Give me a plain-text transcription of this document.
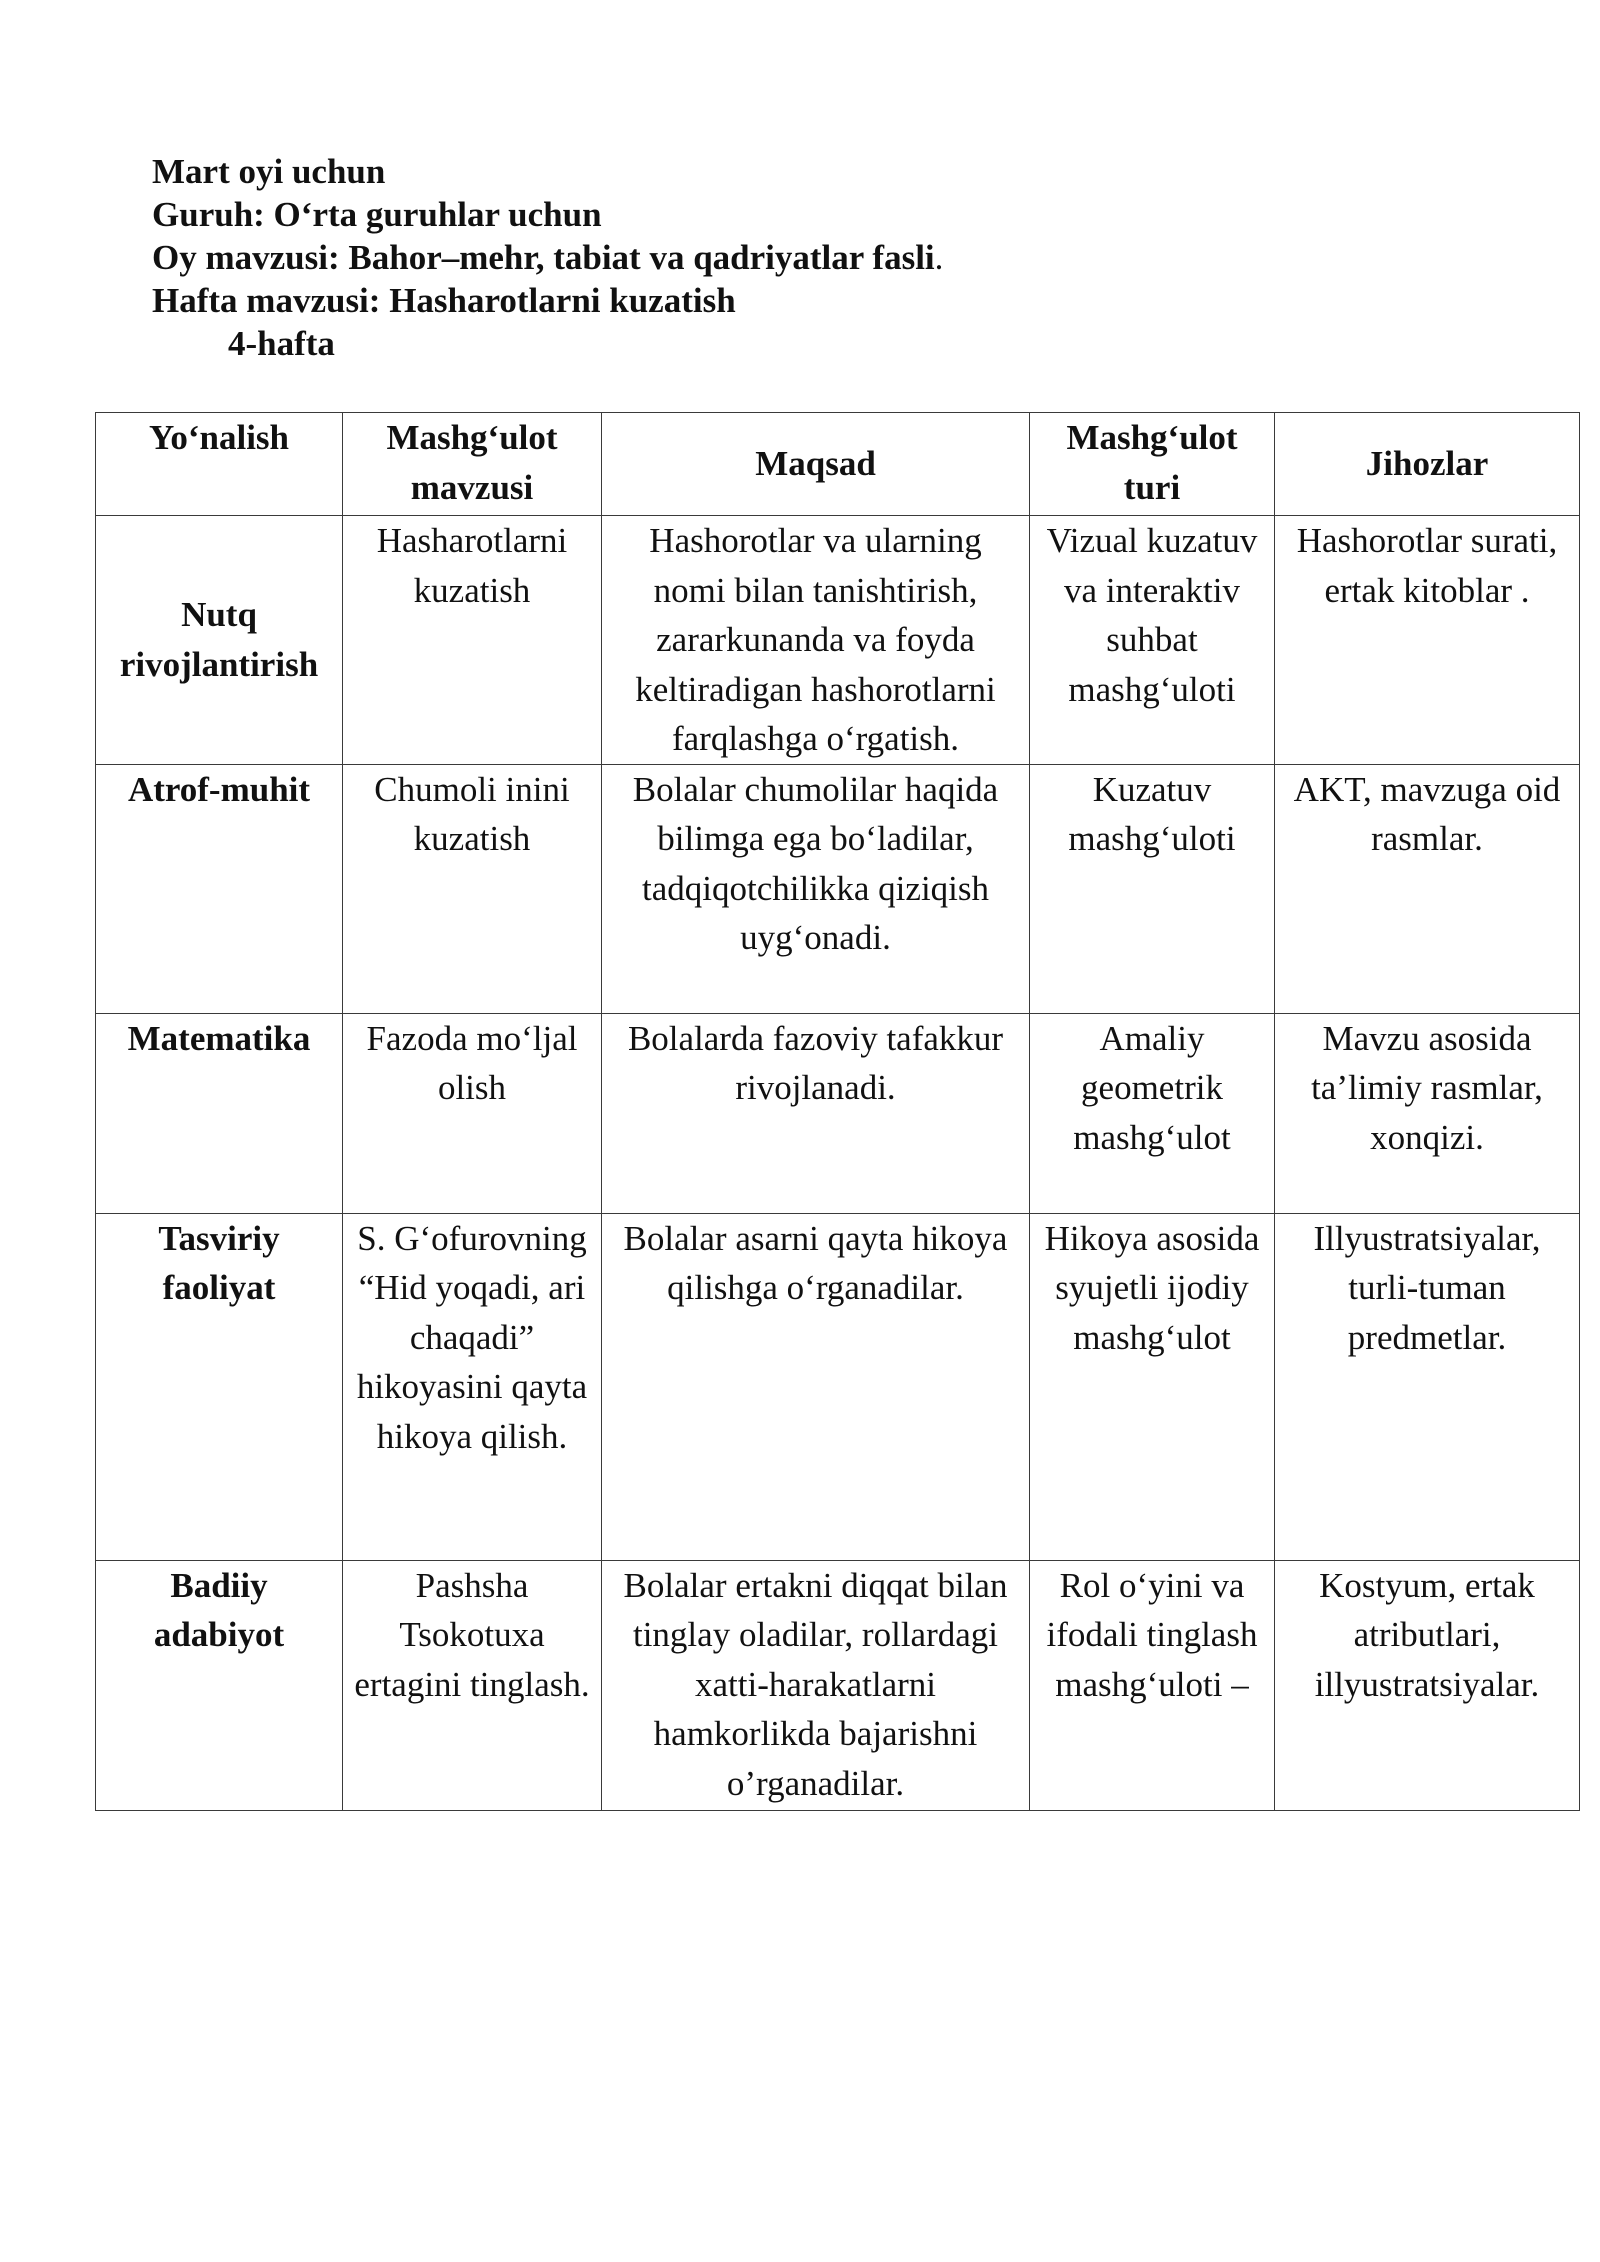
Mart oyi uchun
Guruh: O‘rta guruhlar uchun
Oy mavzusi: Bahor–mehr, tabiat va qadriyatlar fasli.
Hafta mavzusi: Hasharotlarni kuzatish
4-hafta
Yo‘nalish	Mashg‘ulot mavzusi	Maqsad	Mashg‘ulot turi	Jihozlar
Nutq rivojlantirish	Hasharotlarni kuzatish	Hashorotlar va ularning nomi bilan tanishtirish, zararkunanda va foyda keltiradigan hashorotlarni farqlashga o‘rgatish.	Vizual kuzatuv va interaktiv suhbat mashg‘uloti	Hashorotlar surati, ertak kitoblar .
Atrof-muhit	Chumoli inini kuzatish	Bolalar chumolilar haqida bilimga ega bo‘ladilar, tadqiqotchilikka qiziqish uyg‘onadi.	Kuzatuv mashg‘uloti	AKT, mavzuga oid rasmlar.
Matematika	Fazoda mo‘ljal olish	Bolalarda fazoviy tafakkur rivojlanadi.	Amaliy geometrik mashg‘ulot	Mavzu asosida ta’limiy rasmlar, xonqizi.
Tasviriy faoliyat	S. G‘ofurovning “Hid yoqadi, ari chaqadi” hikoyasini qayta hikoya qilish.	Bolalar asarni qayta hikoya qilishga o‘rganadilar.	Hikoya asosida syujetli ijodiy mashg‘ulot	Illyustratsiyalar, turli-tuman predmetlar.
Badiiy adabiyot	Pashsha Tsokotuxa ertagini tinglash.	Bolalar ertakni diqqat bilan tinglay oladilar, rollardagi xatti-harakatlarni hamkorlikda bajarishni o’rganadilar.	Rol o‘yini va ifodali tinglash mashg‘uloti –	Kostyum, ertak atributlari, illyustratsiyalar.
